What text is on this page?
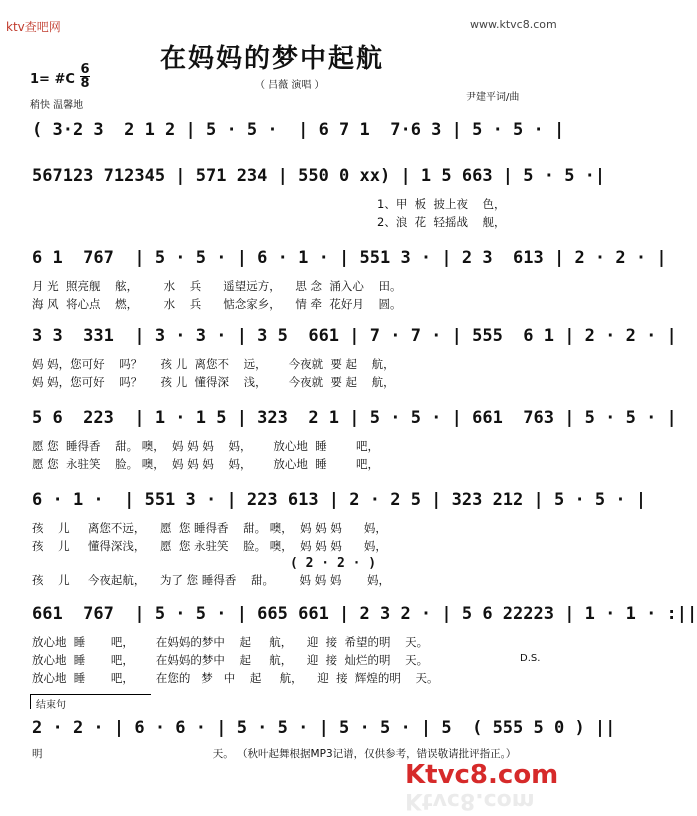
ktv查吧网	www.ktvc8.com
在妈妈的梦中起航
（ 吕薇 演唱 ）
1= #C
6
8
稍快 温馨地
尹建平词/曲
( 3·2 3  2 1 2 | 5 · 5 ·  | 6 7 1  7·6 3 | 5 · 5 · |
567123 712345 | 571 234 | 550 0 xx) | 1 5 663 | 5 · 5 ·|
1、甲  板  披上夜    色，
2、浪  花  轻摇战    舰，
6 1  767  | 5 · 5 · | 6 · 1 · | 551 3 · | 2 3  613 | 2 · 2 · |
月 光  照亮舰    舷，       水    兵      遥望远方，    思 念  涌入心    田。
海 风  将心点    燃，       水    兵      惦念家乡，    情 牵  花好月    圆。
3 3  331  | 3 · 3 · | 3 5  661 | 7 · 7 · | 555  6 1 | 2 · 2 · |
妈 妈，您可好    吗？     孩 儿  离您不    远，      今夜就  要 起    航，
妈 妈，您可好    吗？     孩 儿  懂得深    浅，      今夜就  要 起    航，
5 6  223  | 1 · 1 5 | 323  2 1 | 5 · 5 · | 661  763 | 5 · 5 · |
愿 您  睡得香    甜。 噢，  妈 妈 妈    妈，      放心地  睡        吧，
愿 您  永驻笑    脸。 噢，  妈 妈 妈    妈，      放心地  睡        吧，
6 · 1 ·  | 551 3 · | 223 613 | 2 · 2 5 | 323 212 | 5 · 5 · |
孩    儿     离您不远，    愿  您 睡得香    甜。 噢，  妈 妈 妈      妈，
孩    儿     懂得深浅，    愿  您 永驻笑    脸。 噢，  妈 妈 妈      妈，
( 2 · 2 · )
孩    儿     今夜起航，    为了 您 睡得香    甜。       妈 妈 妈       妈，
661  767  | 5 · 5 · | 665 661 | 2 3 2 · | 5 6 22223 | 1 · 1 · :||
放心地  睡       吧，      在妈妈的梦中    起     航，    迎  接  希望的明    天。
放心地  睡       吧，      在妈妈的梦中    起     航，    迎  接  灿烂的明    天。
放心地  睡       吧，      在您的   梦   中    起     航，    迎  接  辉煌的明    天。
D.S.
结束句
2 · 2 · | 6 · 6 · | 5 · 5 · | 5 · 5 · | 5  ( 555 5 0 ) ||
明                                                   天。 （秋叶起舞根据MP3记谱，仅供参考，错误敬请批评指正。）
Ktvc8.com
Ktvc8.com
